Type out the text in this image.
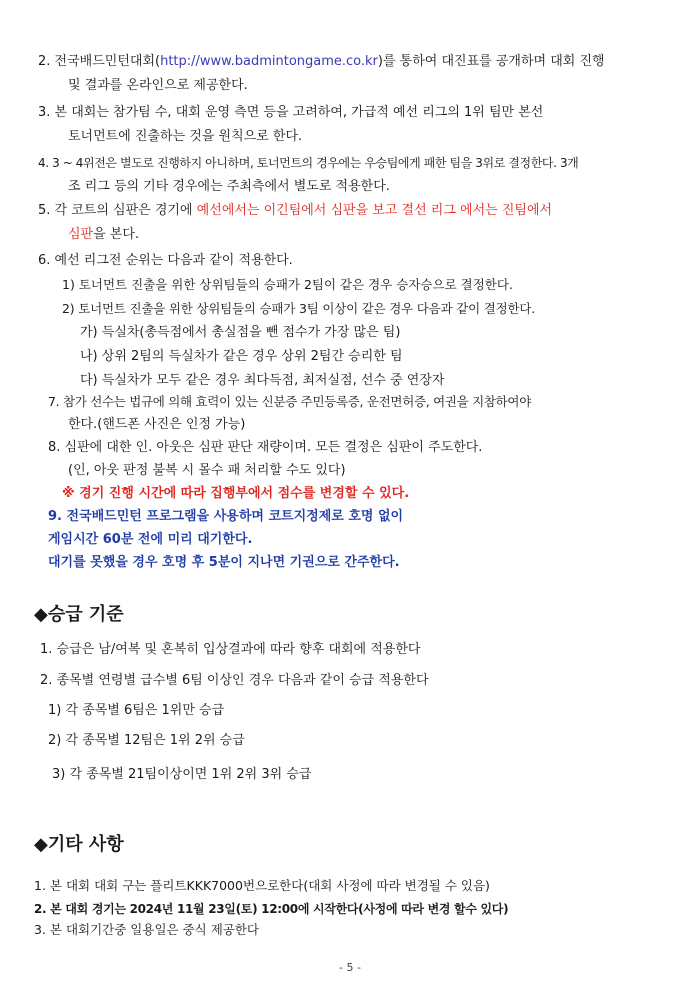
2. 전국배드민턴대회(http://www.badmintongame.co.kr)를 통하여 대진표를 공개하며 대회 진행
및 결과를 온라인으로 제공한다.
3. 본 대회는 참가팀 수, 대회 운영 측면 등을 고려하여, 가급적 예선 리그의 1위 팀만 본선
토너먼트에 진출하는 것을 원칙으로 한다.
4. 3 ~ 4위전은 별도로 진행하지 아니하며, 토너먼트의 경우에는 우승팀에게 패한 팀을 3위로 결정한다. 3개
조 리그 등의 기타 경우에는 주최측에서 별도로 적용한다.
5. 각 코트의 심판은 경기에 예선에서는 이긴팀에서 심판을 보고 결선 리그 에서는 진팀에서
심판을 본다.
6. 예선 리그전 순위는 다음과 같이 적용한다.
1) 토너먼트 진출을 위한 상위팀들의 승패가 2팀이 같은 경우 승자승으로 결정한다.
2) 토너먼트 진출을 위한 상위팀들의 승패가 3팀 이상이 같은 경우 다음과 같이 결정한다.
가) 득실차(총득점에서 총실점을 뺀 점수가 가장 많은 팀)
나) 상위 2팀의 득실차가 같은 경우 상위 2팀간 승리한 팀
다) 득실차가 모두 같은 경우 최다득점, 최저실점, 선수 중 연장자
7. 참가 선수는 법규에 의해 효력이 있는 신분증 주민등록증, 운전면허증, 여권을 지참하여야
한다.(핸드폰 사진은 인정 가능)
8. 심판에 대한 인. 아웃은 심판 판단 재량이며. 모든 결정은 심판이 주도한다.
(인, 아웃 판정 불복 시 몰수 패 처리할 수도 있다)
※ 경기 진행 시간에 따라 집행부에서 점수를 변경할 수 있다.
9. 전국배드민턴 프로그램을 사용하며 코트지정제로 호명 없이
게임시간 60분 전에 미리 대기한다.
대기를 못했을 경우 호명 후 5분이 지나면 기권으로 간주한다.
◆승급 기준
1. 승급은 남/여복 및 혼복히 입상결과에 따라 향후 대회에 적용한다
2. 종목별 연령별 급수별 6팀 이상인 경우 다음과 같이 승급 적용한다
1) 각 종목별 6팀은 1위만 승급
2) 각 종목별 12팀은 1위 2위 승급
3) 각 종목별 21팀이상이면 1위 2위 3위 승급
◆기타 사항
1. 본 대회 대회 구는 플리트KKK7000번으로한다(대회 사정에 따라 변경될 수 있음)
2. 본 대회 경기는 2024년 11월 23일(토) 12:00에 시작한다(사정에 따라 변경 할수 있다)
3. 본 대회기간중 일용일은 중식 제공한다
- 5 -
